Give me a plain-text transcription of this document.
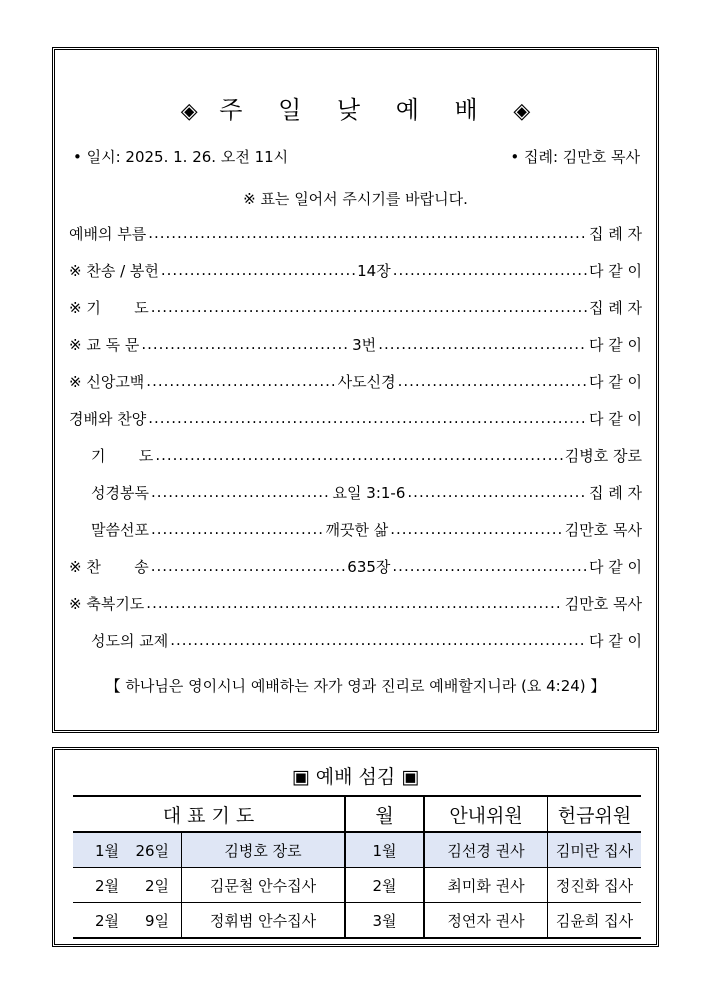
◈ 주 일 낮 예 배 ◈
• 일시: 2025. 1. 26. 오전 11시	• 집례: 김만호 목사
※ 표는 일어서 주시기를 바랍니다.
예배의 부름 .....	집 례 자
※ 찬송 / 봉헌 .....	14장 .....	다 같 이
※ 기       도 .....	집 례 자
※ 교 독 문 .....	3번 .....	다 같 이
※ 신앙고백 .....	사도신경 .....	다 같 이
경배와 찬양 .....	다 같 이
기       도 .....	김병호 장로
성경봉독 .....	요일 3:1-6 .....	집 례 자
말씀선포 .....	깨끗한 삶 .....	김만호 목사
※ 찬       송 .....	635장 .....	다 같 이
※ 축복기도 .....	김만호 목사
성도의 교제 .....	다 같 이
【 하나님은 영이시니 예배하는 자가 영과 진리로 예배할지니라 (요 4:24) 】
▣ 예배 섬김 ▣
대 표 기 도		월	안내위원	헌금위원
1월 26일	김병호 장로	1월	김선경 권사	김미란 집사
2월 2일	김문철 안수집사	2월	최미화 권사	정진화 집사
2월 9일	정휘범 안수집사	3월	정연자 권사	김윤희 집사
